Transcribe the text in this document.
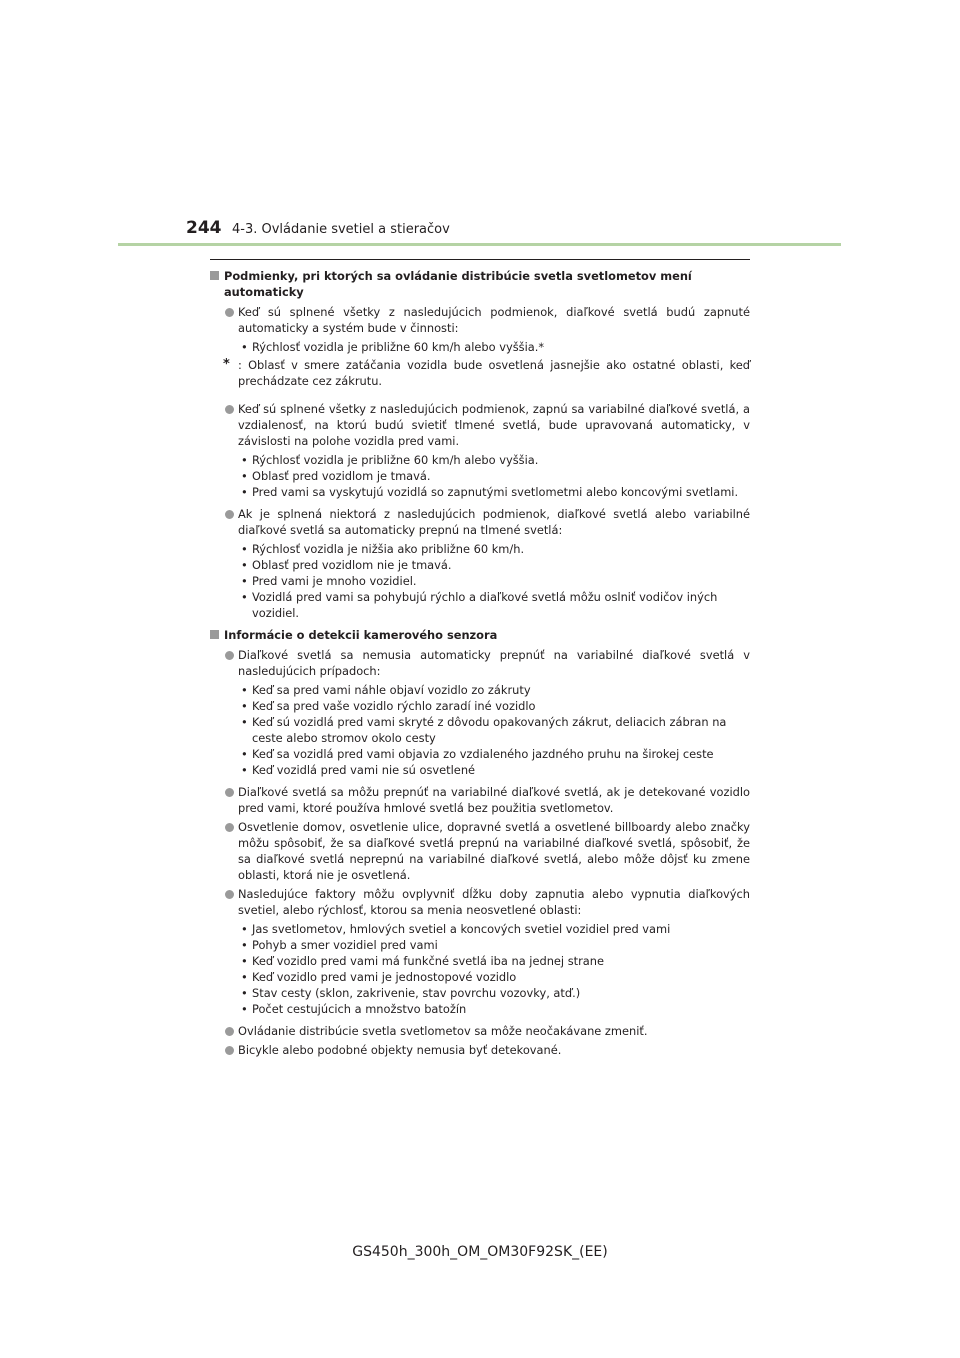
244 4-3. Ovládanie svetiel a stieračov
Podmienky, pri ktorých sa ovládanie distribúcie svetla svetlometov mení automaticky
Keď sú splnené všetky z nasledujúcich podmienok, diaľkové svetlá budú zapnuté automaticky a systém bude v činnosti:
• Rýchlosť vozidla je približne 60 km/h alebo vyššia.*
* : Oblasť v smere zatáčania vozidla bude osvetlená jasnejšie ako ostatné oblasti, keď prechádzate cez zákrutu.
Keď sú splnené všetky z nasledujúcich podmienok, zapnú sa variabilné diaľkové svetlá, a vzdialenosť, na ktorú budú svietiť tlmené svetlá, bude upravovaná automaticky, v závislosti na polohe vozidla pred vami.
• Rýchlosť vozidla je približne 60 km/h alebo vyššia.
• Oblasť pred vozidlom je tmavá.
• Pred vami sa vyskytujú vozidlá so zapnutými svetlometmi alebo koncovými svetlami.
Ak je splnená niektorá z nasledujúcich podmienok, diaľkové svetlá alebo variabilné diaľkové svetlá sa automaticky prepnú na tlmené svetlá:
• Rýchlosť vozidla je nižšia ako približne 60 km/h.
• Oblasť pred vozidlom nie je tmavá.
• Pred vami je mnoho vozidiel.
• Vozidlá pred vami sa pohybujú rýchlo a diaľkové svetlá môžu oslniť vodičov iných vozidiel.
Informácie o detekcii kamerového senzora
Diaľkové svetlá sa nemusia automaticky prepnúť na variabilné diaľkové svetlá v nasledujúcich prípadoch:
• Keď sa pred vami náhle objaví vozidlo zo zákruty
• Keď sa pred vaše vozidlo rýchlo zaradí iné vozidlo
• Keď sú vozidlá pred vami skryté z dôvodu opakovaných zákrut, deliacich zábran na ceste alebo stromov okolo cesty
• Keď sa vozidlá pred vami objavia zo vzdialeného jazdného pruhu na širokej ceste
• Keď vozidlá pred vami nie sú osvetlené
Diaľkové svetlá sa môžu prepnúť na variabilné diaľkové svetlá, ak je detekované vozidlo pred vami, ktoré používa hmlové svetlá bez použitia svetlometov.
Osvetlenie domov, osvetlenie ulice, dopravné svetlá a osvetlené billboardy alebo značky môžu spôsobiť, že sa diaľkové svetlá prepnú na variabilné diaľkové svetlá, spôsobiť, že sa diaľkové svetlá neprepnú na variabilné diaľkové svetlá, alebo môže dôjsť ku zmene oblasti, ktorá nie je osvetlená.
Nasledujúce faktory môžu ovplyvniť dĺžku doby zapnutia alebo vypnutia diaľkových svetiel, alebo rýchlosť, ktorou sa menia neosvetlené oblasti:
• Jas svetlometov, hmlových svetiel a koncových svetiel vozidiel pred vami
• Pohyb a smer vozidiel pred vami
• Keď vozidlo pred vami má funkčné svetlá iba na jednej strane
• Keď vozidlo pred vami je jednostopové vozidlo
• Stav cesty (sklon, zakrivenie, stav povrchu vozovky, atď.)
• Počet cestujúcich a množstvo batožín
Ovládanie distribúcie svetla svetlometov sa môže neočakávane zmeniť.
Bicykle alebo podobné objekty nemusia byť detekované.
GS450h_300h_OM_OM30F92SK_(EE)
